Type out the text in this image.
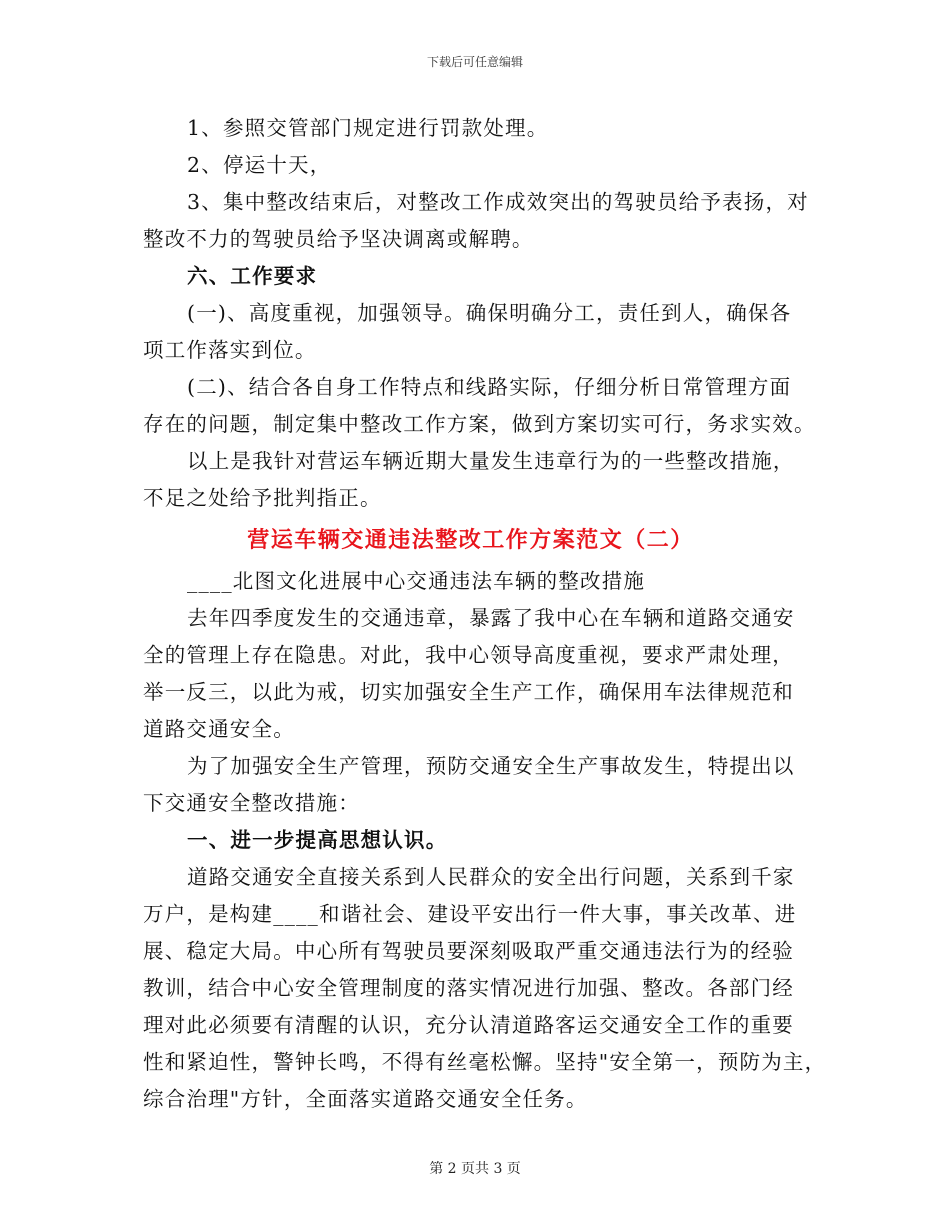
下载后可任意编辑
1、参照交管部门规定进行罚款处理。
2、停运十天，
3、集中整改结束后，对整改工作成效突出的驾驶员给予表扬，对
整改不力的驾驶员给予坚决调离或解聘。
六、工作要求
(一)、高度重视，加强领导。确保明确分工，责任到人，确保各
项工作落实到位。
(二)、结合各自身工作特点和线路实际，仔细分析日常管理方面
存在的问题，制定集中整改工作方案，做到方案切实可行，务求实效。
以上是我针对营运车辆近期大量发生违章行为的一些整改措施，
不足之处给予批判指正。
营运车辆交通违法整改工作方案范文（二）
____北图文化进展中心交通违法车辆的整改措施
去年四季度发生的交通违章，暴露了我中心在车辆和道路交通安
全的管理上存在隐患。对此，我中心领导高度重视，要求严肃处理，
举一反三，以此为戒，切实加强安全生产工作，确保用车法律规范和
道路交通安全。
为了加强安全生产管理，预防交通安全生产事故发生，特提出以
下交通安全整改措施：
一、进一步提高思想认识。
道路交通安全直接关系到人民群众的安全出行问题，关系到千家
万户，是构建____和谐社会、建设平安出行一件大事，事关改革、进
展、稳定大局。中心所有驾驶员要深刻吸取严重交通违法行为的经验
教训，结合中心安全管理制度的落实情况进行加强、整改。各部门经
理对此必须要有清醒的认识，充分认清道路客运交通安全工作的重要
性和紧迫性，警钟长鸣，不得有丝毫松懈。坚持"安全第一，预防为主，
综合治理"方针，全面落实道路交通安全任务。
第 2 页共 3 页
